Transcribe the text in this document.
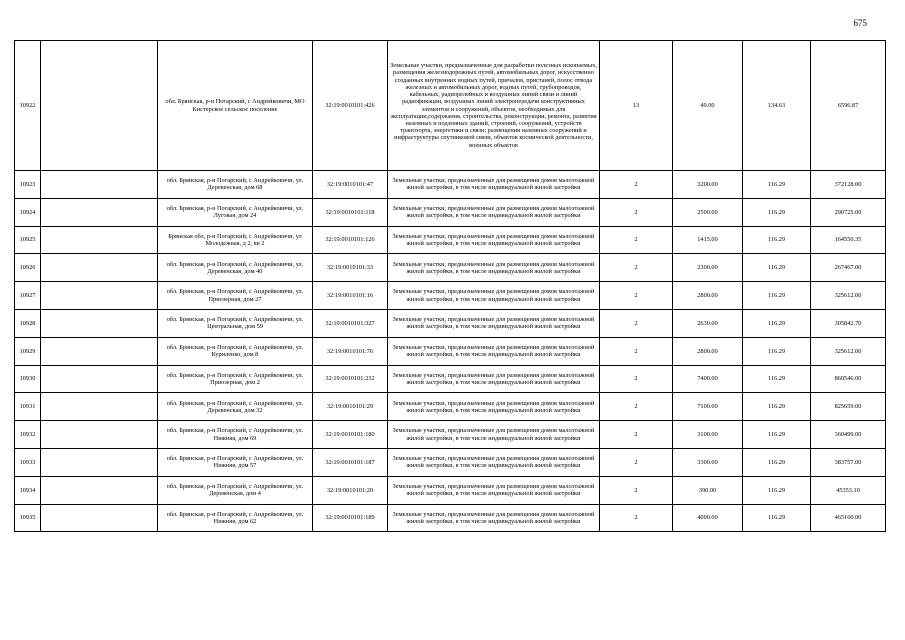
675
10922		обл. Брянская, р-н Погарский, с Андрейковичи, МО Кистерское сельское поселение	32:19:0010101:426	Земельные участки, предназначенные для разработки полезных ископаемых, размещения железнодорожных путей, автомобильных дорог, искусственно созданных внутренних водных путей, причалов, пристаней, полос отвода железных и автомобильных дорог, водных путей, трубопроводов, кабельных, радиорелейных и воздушных линий связи и линий радиофикации, воздушных линий электропередачи конструктивных элементов и сооружений, объектов, необходимых для эксплуатации,содержания, строительства, реконструкции, ремонта, развития наземных и подземных зданий, строений, сооружений, устройств транспорта, энергетики и связи; размещения наземных сооружений и инфраструктуры спутниковой связи, объектов космической деятельности, военных объектов	13	49.00	134.63	6596.87
10923		обл. Брянская, р-н Погарский, с Андрейковичи, ул. Деревенская, дом 68	32:19:0010101:47	Земельные участки, предназначенные для размещения домов малоэтажной жилой застройки, в том числе индивидуальной жилой застройки	2	3200.00	116.29	372128.00
10924		обл. Брянская, р-н Погарский, с Андрейковичи, ул. Луговая, дом 24	32:19:0010101:118	Земельные участки, предназначенные для размещения домов малоэтажной жилой застройки, в том числе индивидуальной жилой застройки	2	2500.00	116.29	290725.00
10925		Брянская обл, р-н Погарский, с Андрейковичи, ул Молодежная, д 2, кв 2	32:19:0010101:126	Земельные участки, предназначенные для размещения домов малоэтажной жилой застройки, в том числе индивидуальной жилой застройки	2	1415.00	116.29	164550.35
10926		обл. Брянская, р-н Погарский, с Андрейковичи, ул. Деревенская, дом 40	32:19:0010101:33	Земельные участки, предназначенные для размещения домов малоэтажной жилой застройки, в том числе индивидуальной жилой застройки	2	2300.00	116.29	267467.00
10927		обл. Брянская, р-н Погарский, с Андрейковичи, ул. Приозерная, дом 27	32:19:0010101:16	Земельные участки, предназначенные для размещения домов малоэтажной жилой застройки, в том числе индивидуальной жилой застройки	2	2800.00	116.29	325612.00
10928		обл. Брянская, р-н Погарский, с Андрейковичи, ул. Центральная, дом 59	32:19:0010101:327	Земельные участки, предназначенные для размещения домов малоэтажной жилой застройки, в том числе индивидуальной жилой застройки	2	2630.00	116.29	305842.70
10929		обл. Брянская, р-н Погарский, с Андрейковичи, ул. Куриленко, дом 8	32:19:0010101:76	Земельные участки, предназначенные для размещения домов малоэтажной жилой застройки, в том числе индивидуальной жилой застройки	2	2800.00	116.29	325612.00
10930		обл. Брянская, р-н Погарский, с Андрейковичи, ул. Приозерная, дом 2	32:19:0010101:232	Земельные участки, предназначенные для размещения домов малоэтажной жилой застройки, в том числе индивидуальной жилой застройки	2	7400.00	116.29	860546.00
10931		обл. Брянская, р-н Погарский, с Андрейковичи, ул. Деревенская, дом 32	32:19:0010101:29	Земельные участки, предназначенные для размещения домов малоэтажной жилой застройки, в том числе индивидуальной жилой застройки	2	7100.00	116.29	825659.00
10932		обл. Брянская, р-н Погарский, с Андрейковичи, ул. Нижняя, дом 69	32:19:0010101:180	Земельные участки, предназначенные для размещения домов малоэтажной жилой застройки, в том числе индивидуальной жилой застройки	2	3100.00	116.29	360499.00
10933		обл. Брянская, р-н Погарский, с Андрейковичи, ул. Нижняя, дом 57	32:19:0010101:187	Земельные участки, предназначенные для размещения домов малоэтажной жилой застройки, в том числе индивидуальной жилой застройки	2	3300.00	116.29	383757.00
10934		обл. Брянская, р-н Погарский, с Андрейковичи, ул. Деревенская, дом 4	32:19:0010101:20	Земельные участки, предназначенные для размещения домов малоэтажной жилой застройки, в том числе индивидуальной жилой застройки	2	390.00	116.29	45353.10
10935		обл. Брянская, р-н Погарский, с Андрейковичи, ул. Нижняя, дом 62	32:19:0010101:189	Земельные участки, предназначенные для размещения домов малоэтажной жилой застройки, в том числе индивидуальной жилой застройки	2	4000.00	116.29	465160.00
